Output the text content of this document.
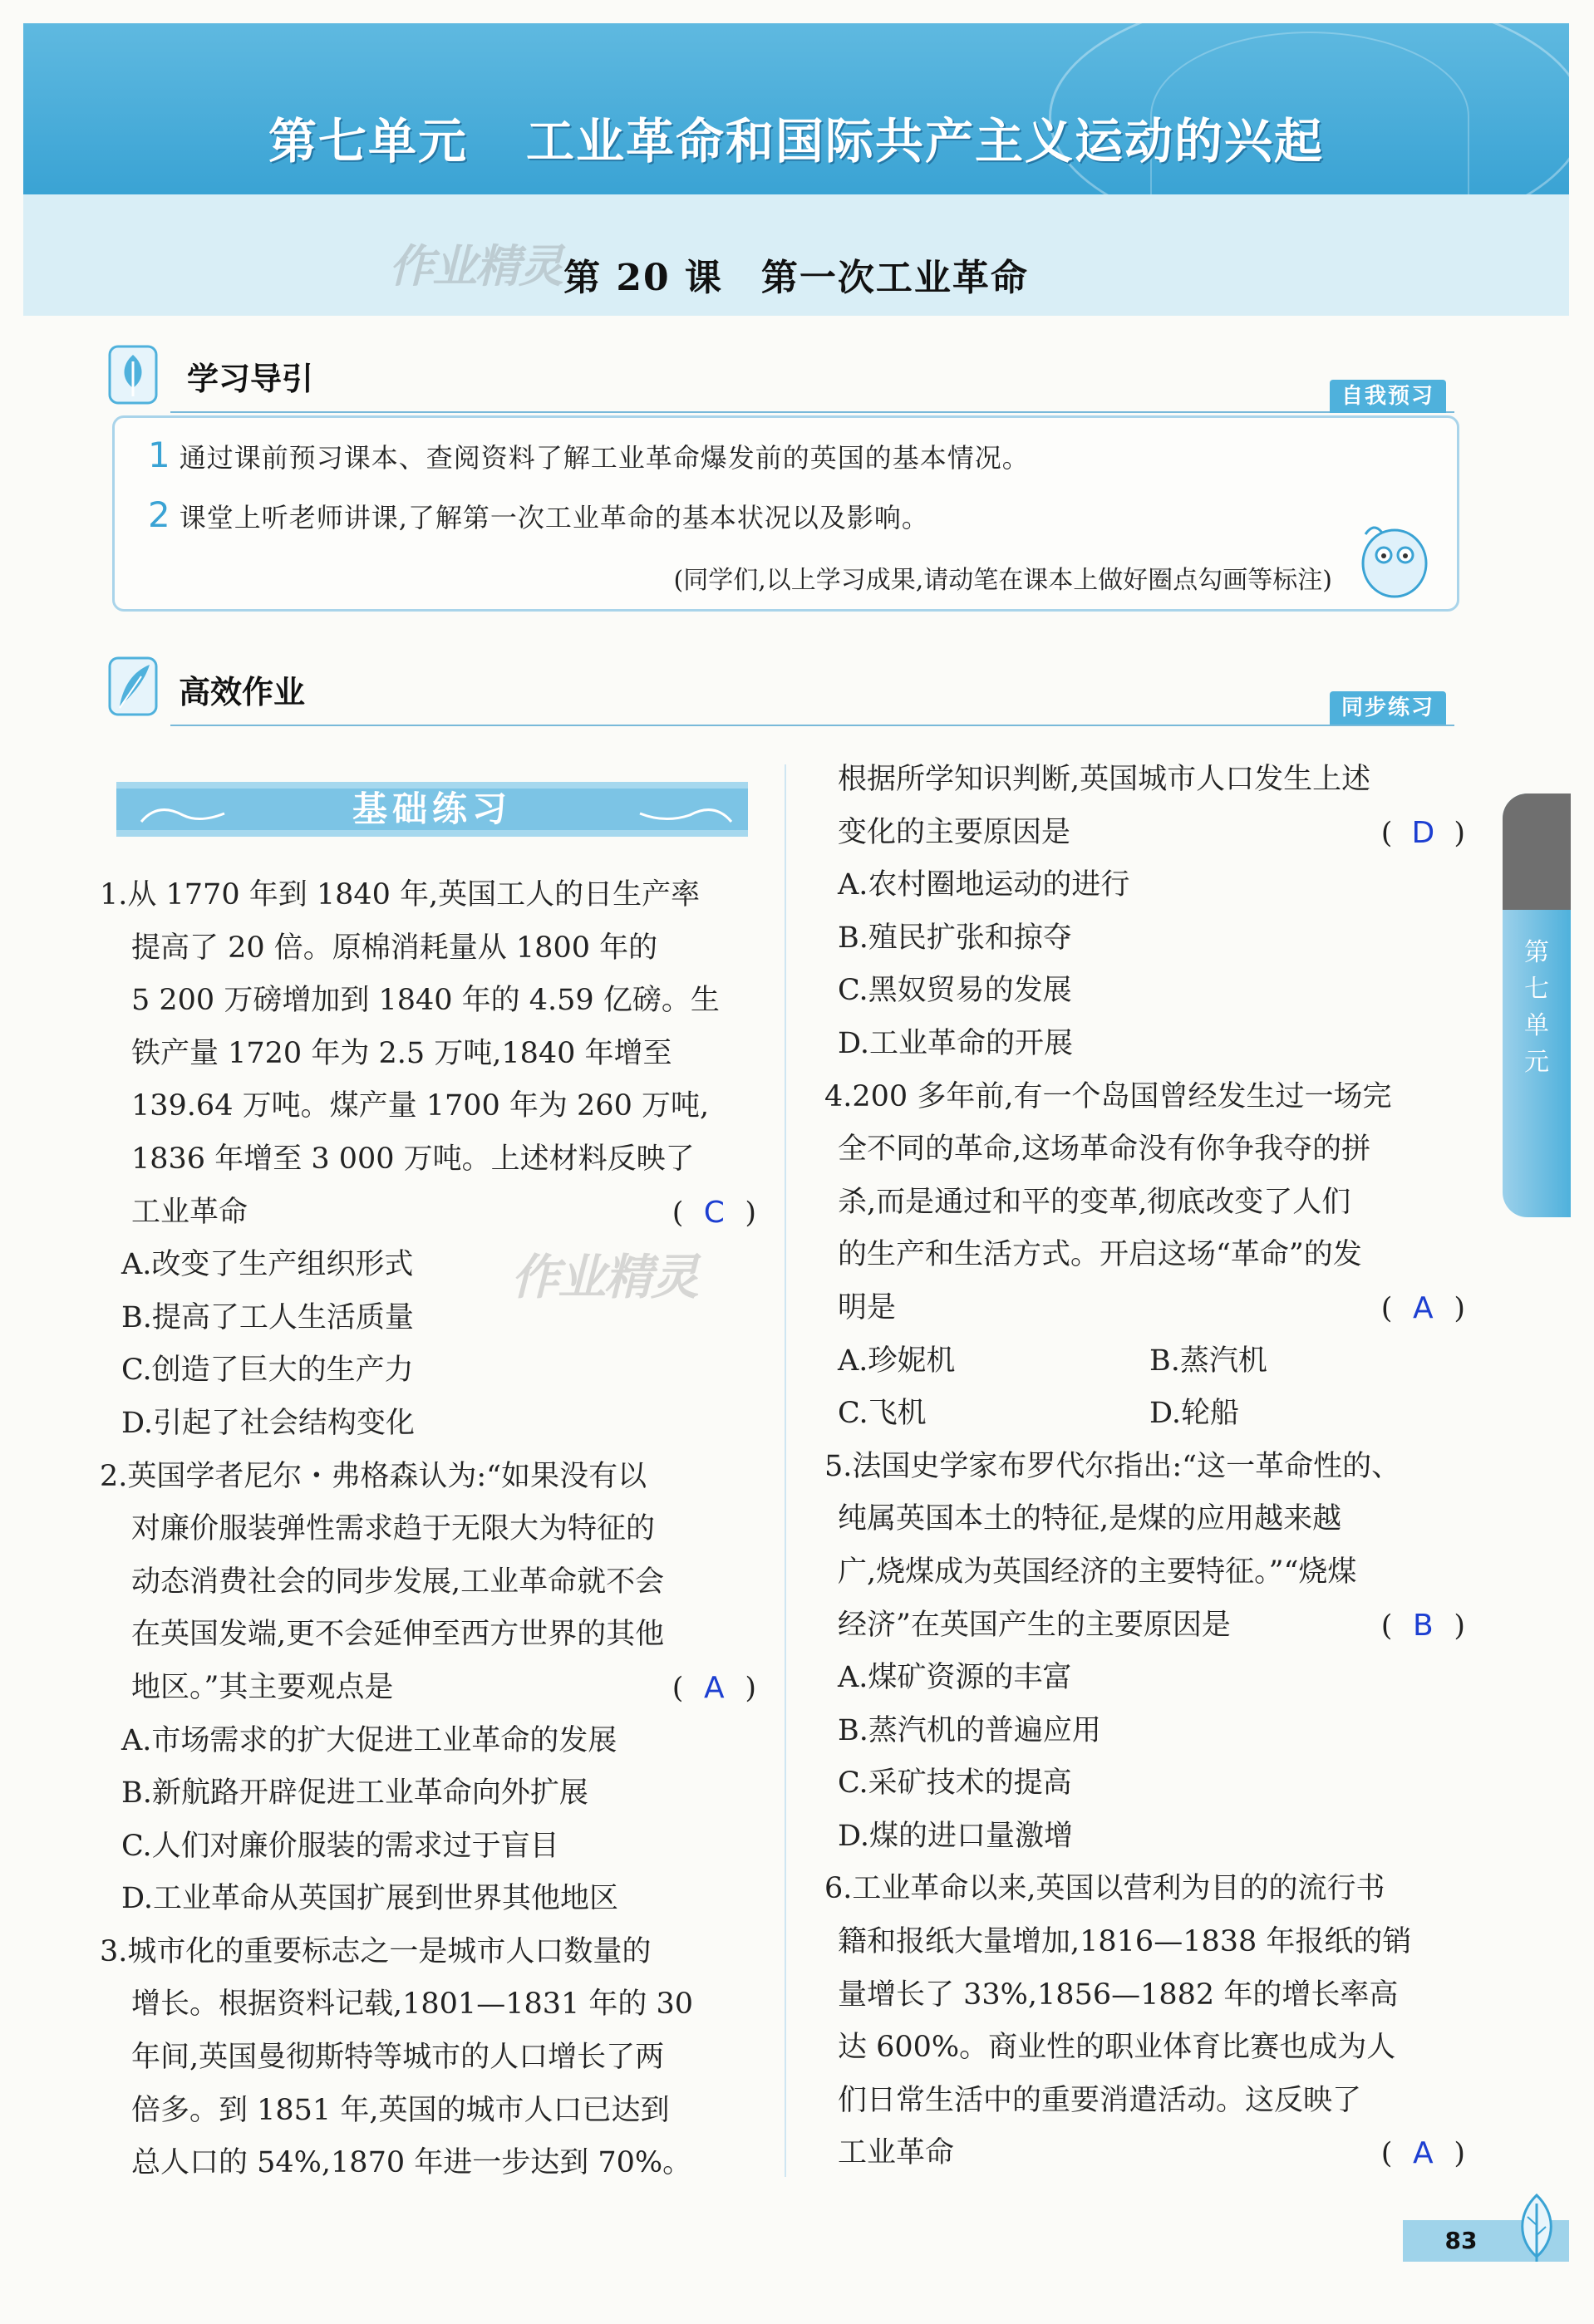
第七单元 工业革命和国际共产主义运动的兴起
作业精灵 第 20 课　第一次工业革命
学习导引	自我预习
1 通过课前预习课本、查阅资料了解工业革命爆发前的英国的基本情况。
2 课堂上听老师讲课,了解第一次工业革命的基本状况以及影响。
(同学们,以上学习成果,请动笔在课本上做好圈点勾画等标注)
高效作业	同步练习
基础练习
作业精灵
1.从 1770 年到 1840 年,英国工人的日生产率
提高了 20 倍。原棉消耗量从 1800 年的
5 200 万磅增加到 1840 年的 4.59 亿磅。生
铁产量 1720 年为 2.5 万吨,1840 年增至
139.64 万吨。煤产量 1700 年为 260 万吨,
1836 年增至 3 000 万吨。上述材料反映了
工业革命	( C )
A.改变了生产组织形式
B.提高了工人生活质量
C.创造了巨大的生产力
D.引起了社会结构变化
2.英国学者尼尔・弗格森认为:“如果没有以
对廉价服装弹性需求趋于无限大为特征的
动态消费社会的同步发展,工业革命就不会
在英国发端,更不会延伸至西方世界的其他
地区。”其主要观点是	( A )
A.市场需求的扩大促进工业革命的发展
B.新航路开辟促进工业革命向外扩展
C.人们对廉价服装的需求过于盲目
D.工业革命从英国扩展到世界其他地区
3.城市化的重要标志之一是城市人口数量的
增长。根据资料记载,1801—1831 年的 30
年间,英国曼彻斯特等城市的人口增长了两
倍多。到 1851 年,英国的城市人口已达到
总人口的 54%,1870 年进一步达到 70%。
根据所学知识判断,英国城市人口发生上述
变化的主要原因是	( D )
A.农村圈地运动的进行
B.殖民扩张和掠夺
C.黑奴贸易的发展
D.工业革命的开展
4.200 多年前,有一个岛国曾经发生过一场完
全不同的革命,这场革命没有你争我夺的拼
杀,而是通过和平的变革,彻底改变了人们
的生产和生活方式。开启这场“革命”的发
明是	( A )
A.珍妮机	B.蒸汽机
C.飞机	D.轮船
5.法国史学家布罗代尔指出:“这一革命性的、
纯属英国本土的特征,是煤的应用越来越
广,烧煤成为英国经济的主要特征。”“烧煤
经济”在英国产生的主要原因是	( B )
A.煤矿资源的丰富
B.蒸汽机的普遍应用
C.采矿技术的提高
D.煤的进口量激增
6.工业革命以来,英国以营利为目的的流行书
籍和报纸大量增加,1816—1838 年报纸的销
量增长了 33%,1856—1882 年的增长率高
达 600%。商业性的职业体育比赛也成为人
们日常生活中的重要消遣活动。这反映了
工业革命	( A )
第
七
单
元
83
